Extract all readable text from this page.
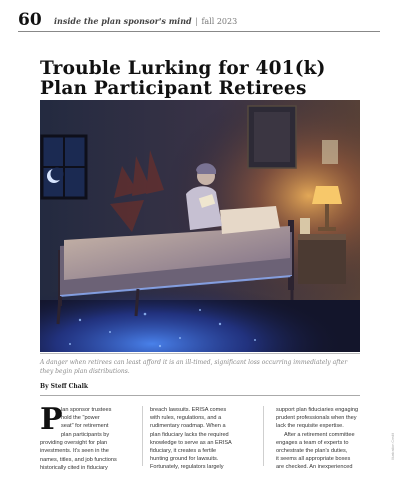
60 inside the plan sponsor's mind | fall 2023
Trouble Lurking for 401(k)
Plan Participant Retirees

A danger when retirees can least afford it is an ill-timed, significant loss occurring immediately after they begin plan distributions.

By Steff Chalk
P
lan sponsor trustees
hold the "power
seat" for retirement
plan participants by
providing oversight for plan
investments. It's seen in the
names, titles, and job functions
historically cited in fiduciary
breach lawsuits. ERISA comes
with rules, regulations, and a
rudimentary roadmap. When a
plan fiduciary lacks the required
knowledge to serve as an ERISA
fiduciary, it creates a fertile
hunting ground for lawsuits.
Fortunately, regulators largely
support plan fiduciaries engaging
prudent professionals when they
lack the requisite expertise.
After a retirement committee
engages a team of experts to
orchestrate the plan's duties,
it seems all appropriate boxes
are checked. An inexperienced
Illustration Credit
